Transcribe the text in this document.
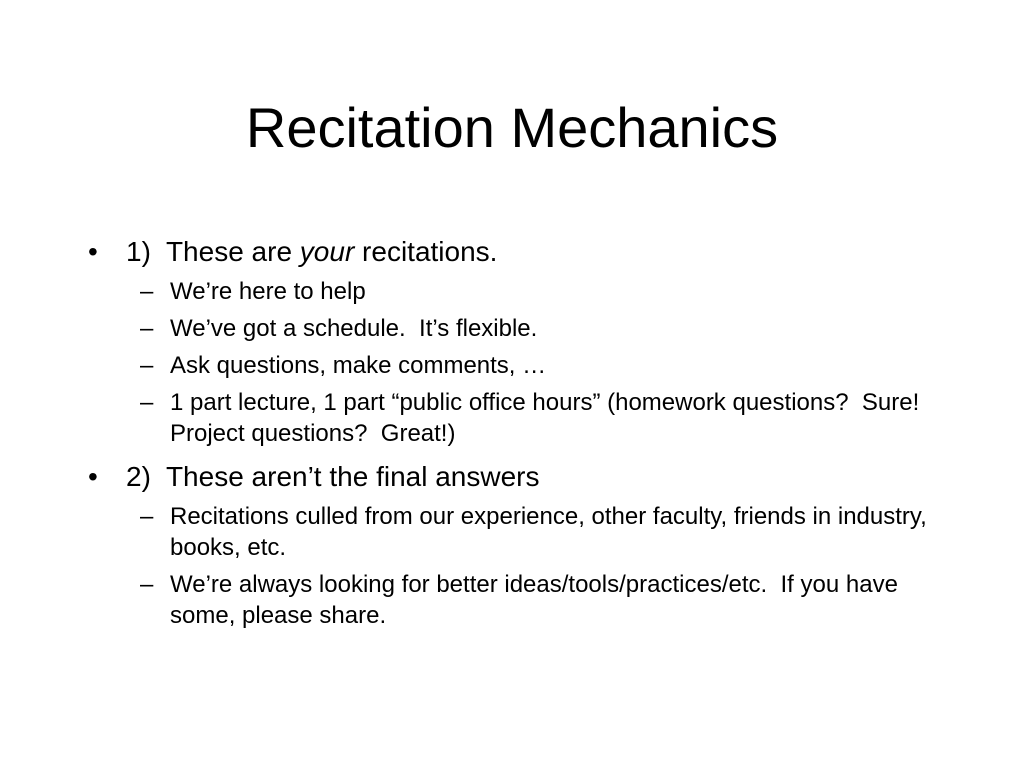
Recitation Mechanics
• 1)  These are your recitations.
– We’re here to help
– We’ve got a schedule.  It’s flexible.
– Ask questions, make comments, …
– 1 part lecture, 1 part “public office hours” (homework questions?  Sure!  Project questions?  Great!)
• 2)  These aren’t the final answers
– Recitations culled from our experience, other faculty, friends in industry, books, etc.
– We’re always looking for better ideas/tools/practices/etc.  If you have some, please share.
